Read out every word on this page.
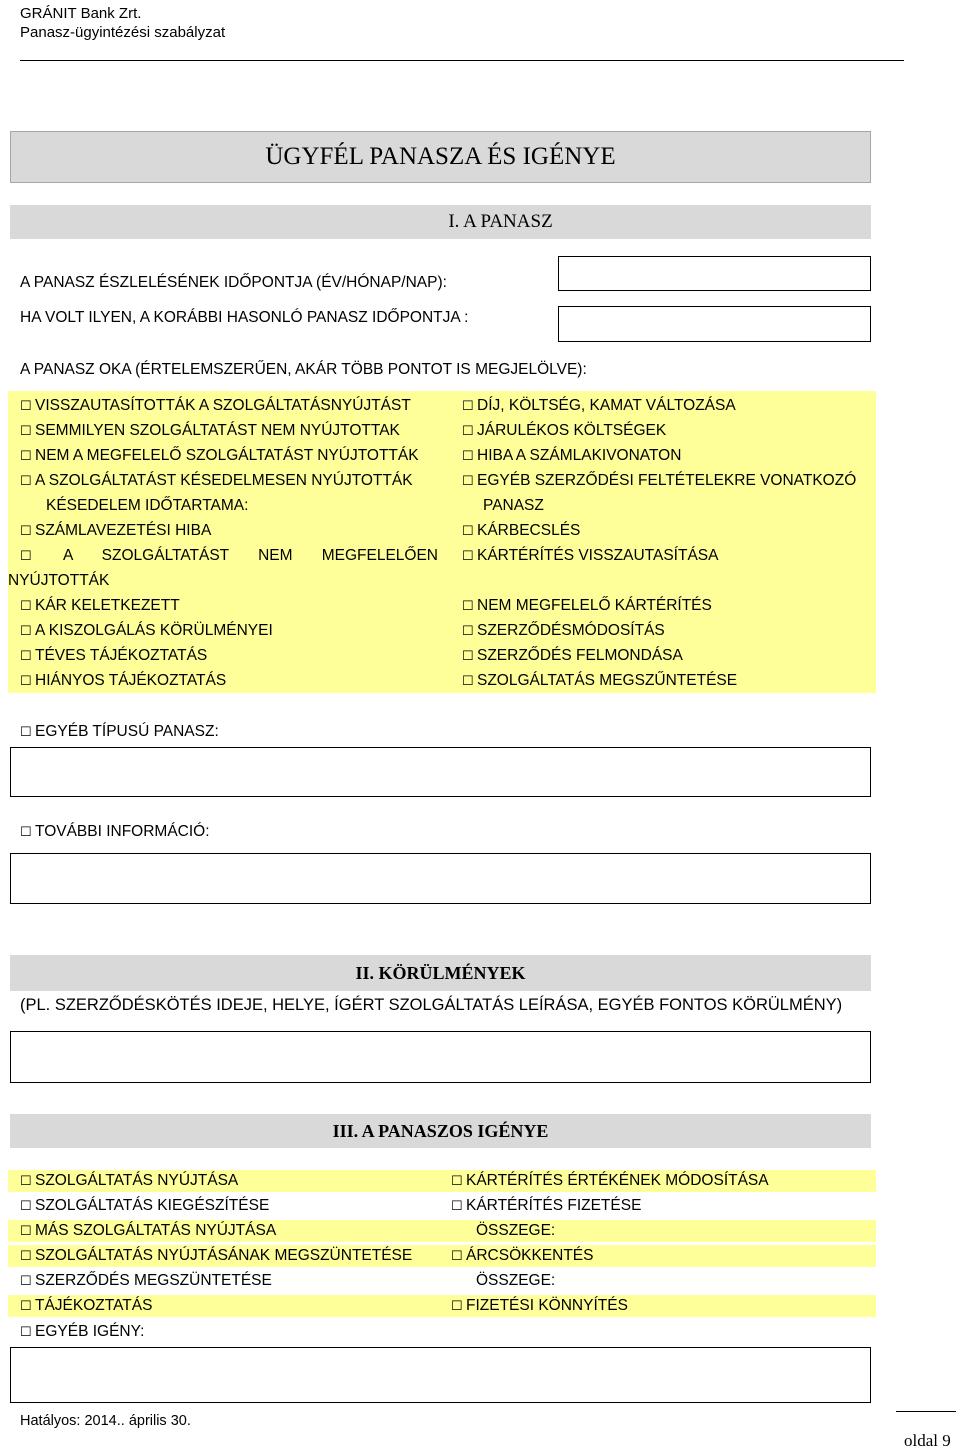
GRÁNIT Bank Zrt.
Panasz-ügyintézési szabályzat
ÜGYFÉL PANASZA ÉS IGÉNYE
I. A PANASZ
A PANASZ ÉSZLELÉSÉNEK IDŐPONTJA (ÉV/HÓNAP/NAP):
HA VOLT ILYEN, A KORÁBBI HASONLÓ PANASZ IDŐPONTJA :
A PANASZ OKA (ÉRTELEMSZERŰEN, AKÁR TÖBB PONTOT IS MEGJELÖLVE):
☐ VISSZAUTASÍTOTTÁK A SZOLGÁLTATÁSNYÚJTÁST
☐ SEMMILYEN SZOLGÁLTATÁST NEM NYÚJTOTTAK
☐ NEM A MEGFELELŐ SZOLGÁLTATÁST NYÚJTOTTÁK
☐ A SZOLGÁLTATÁST KÉSEDELMESEN NYÚJTOTTÁK
KÉSEDELEM IDŐTARTAMA:
☐ SZÁMLAVEZETÉSI HIBA
☐ A SZOLGÁLTATÁST NEM MEGFELELŐEN
NYÚJTOTTÁK
☐ KÁR KELETKEZETT
☐ A KISZOLGÁLÁS KÖRÜLMÉNYEI
☐ TÉVES TÁJÉKOZTATÁS
☐ HIÁNYOS TÁJÉKOZTATÁS
☐ DÍJ, KÖLTSÉG, KAMAT VÁLTOZÁSA
☐ JÁRULÉKOS KÖLTSÉGEK
☐ HIBA A SZÁMLAKIVONATON
☐ EGYÉB SZERZŐDÉSI FELTÉTELEKRE VONATKOZÓ
PANASZ
☐ KÁRBECSLÉS
☐ KÁRTÉRÍTÉS VISSZAUTASÍTÁSA
☐ NEM MEGFELELŐ KÁRTÉRÍTÉS
☐ SZERZŐDÉSMÓDOSÍTÁS
☐ SZERZŐDÉS FELMONDÁSA
☐ SZOLGÁLTATÁS MEGSZŰNTETÉSE
☐ EGYÉB TÍPUSÚ PANASZ:
☐ TOVÁBBI INFORMÁCIÓ:
II. KÖRÜLMÉNYEK
(PL. SZERZŐDÉSKÖTÉS IDEJE, HELYE, ÍGÉRT SZOLGÁLTATÁS LEÍRÁSA, EGYÉB FONTOS KÖRÜLMÉNY)
III. A PANASZOS IGÉNYE
☐ SZOLGÁLTATÁS NYÚJTÁSA
☐ SZOLGÁLTATÁS KIEGÉSZÍTÉSE
☐ MÁS SZOLGÁLTATÁS NYÚJTÁSA
☐ SZOLGÁLTATÁS NYÚJTÁSÁNAK MEGSZÜNTETÉSE
☐ SZERZŐDÉS MEGSZÜNTETÉSE
☐ TÁJÉKOZTATÁS
☐ EGYÉB IGÉNY:
☐ KÁRTÉRÍTÉS ÉRTÉKÉNEK MÓDOSÍTÁSA
☐ KÁRTÉRÍTÉS FIZETÉSE
ÖSSZEGE:
☐ ÁRCSÖKKENTÉS
ÖSSZEGE:
☐ FIZETÉSI KÖNNYÍTÉS
Hatályos: 2014.. április 30.
oldal 9
